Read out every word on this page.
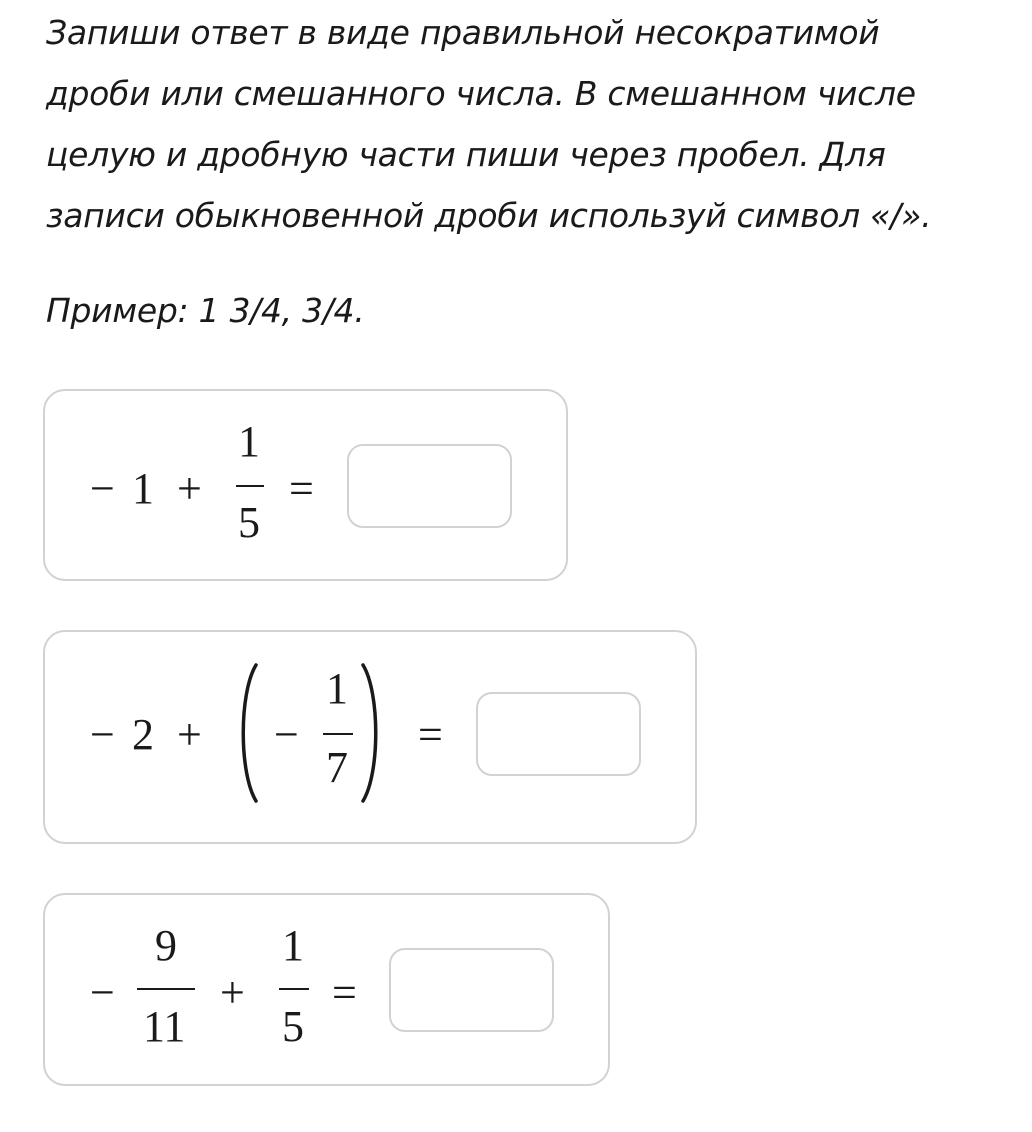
Запиши ответ в виде правильной несократимой
дроби или смешанного числа. В смешанном числе
целую и дробную части пиши через пробел. Для
записи обыкновенной дроби используй символ «/».
Пример: 1 3/4, 3/4.
− 1 +
1
5
=
− 2 + −
1
7
=
−
9
11
+
1
5
=
